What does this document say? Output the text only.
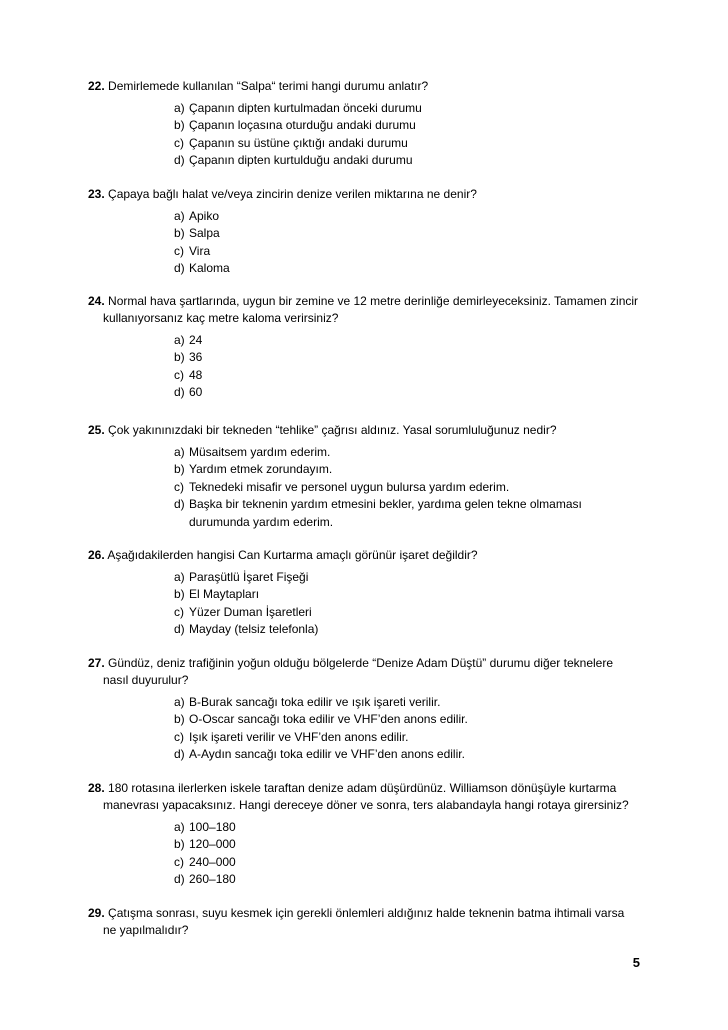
22. Demirlemede kullanılan “Salpa“ terimi hangi durumu anlatır?
a) Çapanın dipten kurtulmadan önceki durumu
b) Çapanın loçasına oturduğu andaki durumu
c) Çapanın su üstüne çıktığı andaki durumu
d) Çapanın dipten kurtulduğu andaki durumu
23. Çapaya bağlı halat ve/veya zincirin denize verilen miktarına ne denir?
a) Apiko
b) Salpa
c) Vira
d) Kaloma
24. Normal hava şartlarında, uygun bir zemine ve 12 metre derinliğe demirleyeceksiniz. Tamamen zincir
kullanıyorsanız kaç metre kaloma verirsiniz?
a) 24
b) 36
c) 48
d) 60
25. Çok yakınınızdaki bir tekneden “tehlike” çağrısı aldınız. Yasal sorumluluğunuz nedir?
a) Müsaitsem yardım ederim.
b) Yardım etmek zorundayım.
c) Teknedeki misafir ve personel uygun bulursa yardım ederim.
d) Başka bir teknenin yardım etmesini bekler, yardıma gelen tekne olmaması
durumunda yardım ederim.
26. Aşağıdakilerden hangisi Can Kurtarma amaçlı görünür işaret değildir?
a) Paraşütlü İşaret Fişeği
b) El Maytapları
c) Yüzer Duman İşaretleri
d) Mayday (telsiz telefonla)
27. Gündüz, deniz trafiğinin yoğun olduğu bölgelerde “Denize Adam Düştü” durumu diğer teknelere
nasıl duyurulur?
a) B-Burak sancağı toka edilir ve ışık işareti verilir.
b) O-Oscar sancağı toka edilir ve VHF’den anons edilir.
c) Işık işareti verilir ve VHF’den anons edilir.
d) A-Aydın sancağı toka edilir ve VHF’den anons edilir.
28. 180 rotasına ilerlerken iskele taraftan denize adam düşürdünüz. Williamson dönüşüyle kurtarma
manevrası yapacaksınız. Hangi dereceye döner ve sonra, ters alabandayla hangi rotaya girersiniz?
a) 100–180
b) 120–000
c) 240–000
d) 260–180
29. Çatışma sonrası, suyu kesmek için gerekli önlemleri aldığınız halde teknenin batma ihtimali varsa
ne yapılmalıdır?
5
